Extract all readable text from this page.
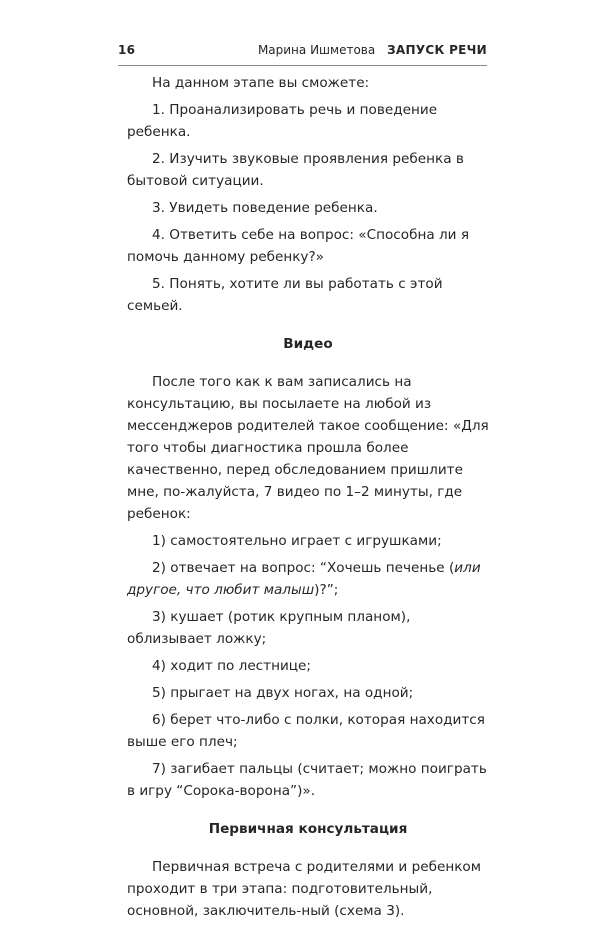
16	Марина Ишметова ЗАПУСК РЕЧИ

На данном этапе вы сможете:

1. Проанализировать речь и поведение ребенка.

2. Изучить звуковые проявления ребенка в бытовой ситуации.

3. Увидеть поведение ребенка.

4. Ответить себе на вопрос: «Способна ли я помочь данному ребенку?»

5. Понять, хотите ли вы работать с этой семьей.

Видео

После того как к вам записались на консультацию, вы посылаете на любой из мессенджеров родителей такое сообщение: «Для того чтобы диагностика прошла более качественно, перед обследованием пришлите мне, по-жалуйста, 7 видео по 1–2 минуты, где ребенок:

1) самостоятельно играет с игрушками;

2) отвечает на вопрос: “Хочешь печенье (или другое, что любит малыш)?”;

3) кушает (ротик крупным планом), облизывает ложку;

4) ходит по лестнице;

5) прыгает на двух ногах, на одной;

6) берет что-либо с полки, которая находится выше его плеч;

7) загибает пальцы (считает; можно поиграть в игру “Сорока-ворона”)».

Первичная консультация

Первичная встреча с родителями и ребенком проходит в три этапа: подготовительный, основной, заключитель-ный (схема 3).
